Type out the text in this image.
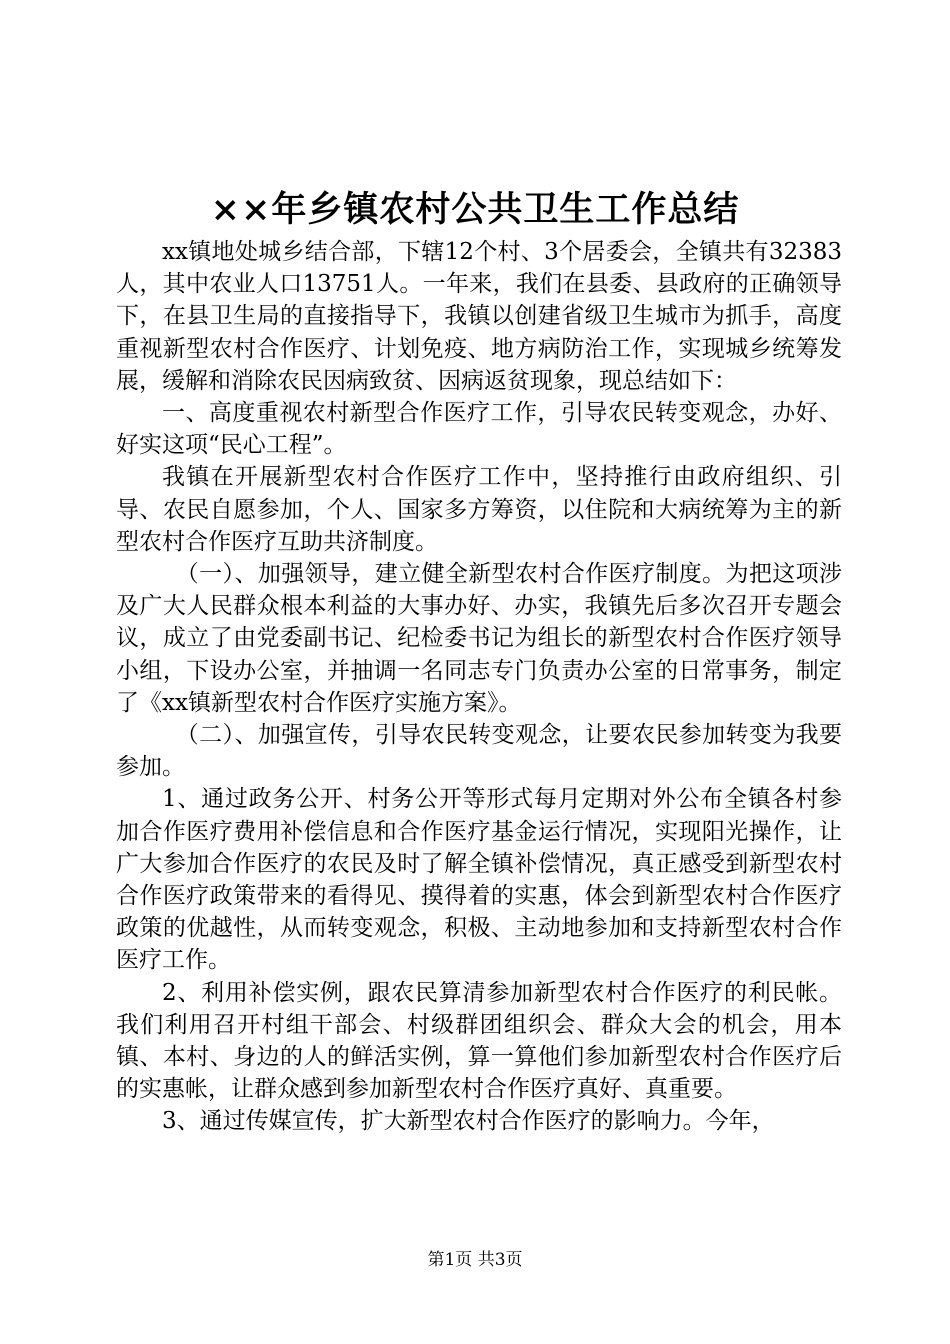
××年乡镇农村公共卫生工作总结

xx镇地处城乡结合部，下辖12个村、3个居委会，全镇共有32383人，其中农业人口13751人。一年来，我们在县委、县政府的正确领导下，在县卫生局的直接指导下，我镇以创建省级卫生城市为抓手，高度重视新型农村合作医疗、计划免疫、地方病防治工作，实现城乡统筹发展，缓解和消除农民因病致贫、因病返贫现象，现总结如下：

一、高度重视农村新型合作医疗工作，引导农民转变观念，办好、好实这项“民心工程”。

我镇在开展新型农村合作医疗工作中，坚持推行由政府组织、引导、农民自愿参加，个人、国家多方筹资，以住院和大病统筹为主的新型农村合作医疗互助共济制度。

（一）、加强领导，建立健全新型农村合作医疗制度。为把这项涉及广大人民群众根本利益的大事办好、办实，我镇先后多次召开专题会议，成立了由党委副书记、纪检委书记为组长的新型农村合作医疗领导小组，下设办公室，并抽调一名同志专门负责办公室的日常事务，制定了《xx镇新型农村合作医疗实施方案》。

（二）、加强宣传，引导农民转变观念，让要农民参加转变为我要参加。

1、通过政务公开、村务公开等形式每月定期对外公布全镇各村参加合作医疗费用补偿信息和合作医疗基金运行情况，实现阳光操作，让广大参加合作医疗的农民及时了解全镇补偿情况，真正感受到新型农村合作医疗政策带来的看得见、摸得着的实惠，体会到新型农村合作医疗政策的优越性，从而转变观念，积极、主动地参加和支持新型农村合作医疗工作。

2、利用补偿实例，跟农民算清参加新型农村合作医疗的利民帐。我们利用召开村组干部会、村级群团组织会、群众大会的机会，用本镇、本村、身边的人的鲜活实例，算一算他们参加新型农村合作医疗后的实惠帐，让群众感到参加新型农村合作医疗真好、真重要。

3、通过传媒宣传，扩大新型农村合作医疗的影响力。今年，

第1页 共3页
